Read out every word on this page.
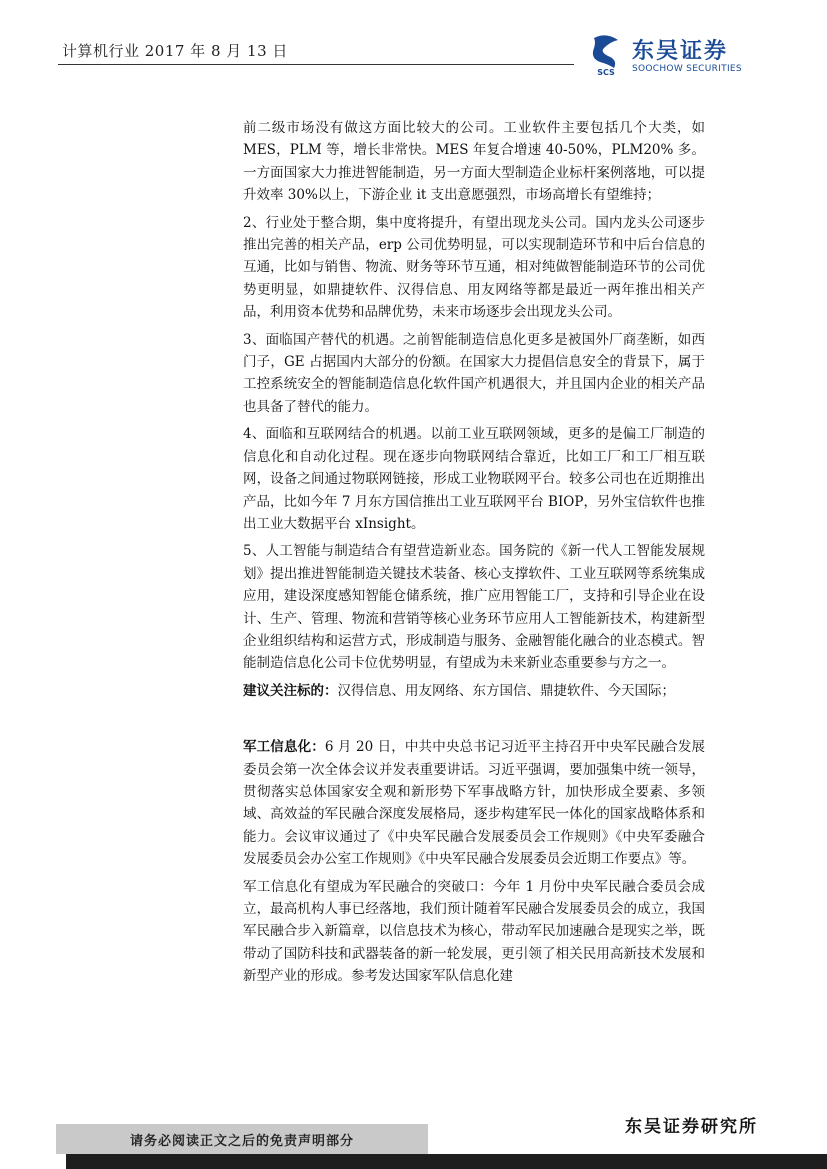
计算机行业 2017 年 8 月 13 日
SCS
东吴证券
SOOCHOW SECURITIES

前二级市场没有做这方面比较大的公司。工业软件主要包括几个大类，如 MES，PLM 等，增长非常快。MES 年复合增速 40-50%，PLM20% 多。一方面国家大力推进智能制造，另一方面大型制造企业标杆案例落地，可以提升效率 30%以上，下游企业 it 支出意愿强烈，市场高增长有望维持；

2、行业处于整合期，集中度将提升，有望出现龙头公司。国内龙头公司逐步推出完善的相关产品，erp 公司优势明显，可以实现制造环节和中后台信息的互通，比如与销售、物流、财务等环节互通，相对纯做智能制造环节的公司优势更明显，如鼎捷软件、汉得信息、用友网络等都是最近一两年推出相关产品，利用资本优势和品牌优势，未来市场逐步会出现龙头公司。

3、面临国产替代的机遇。之前智能制造信息化更多是被国外厂商垄断，如西门子，GE 占据国内大部分的份额。在国家大力提倡信息安全的背景下，属于工控系统安全的智能制造信息化软件国产机遇很大，并且国内企业的相关产品也具备了替代的能力。

4、面临和互联网结合的机遇。以前工业互联网领域，更多的是偏工厂制造的信息化和自动化过程。现在逐步向物联网结合靠近，比如工厂和工厂相互联网，设备之间通过物联网链接，形成工业物联网平台。较多公司也在近期推出产品，比如今年 7 月东方国信推出工业互联网平台 BIOP，另外宝信软件也推出工业大数据平台 xInsight。

5、人工智能与制造结合有望营造新业态。国务院的《新一代人工智能发展规划》提出推进智能制造关键技术装备、核心支撑软件、工业互联网等系统集成应用，建设深度感知智能仓储系统，推广应用智能工厂，支持和引导企业在设计、生产、管理、物流和营销等核心业务环节应用人工智能新技术，构建新型企业组织结构和运营方式，形成制造与服务、金融智能化融合的业态模式。智能制造信息化公司卡位优势明显，有望成为未来新业态重要参与方之一。

建议关注标的：汉得信息、用友网络、东方国信、鼎捷软件、今天国际；

军工信息化：6 月 20 日，中共中央总书记习近平主持召开中央军民融合发展委员会第一次全体会议并发表重要讲话。习近平强调，要加强集中统一领导，贯彻落实总体国家安全观和新形势下军事战略方针，加快形成全要素、多领域、高效益的军民融合深度发展格局，逐步构建军民一体化的国家战略体系和能力。会议审议通过了《中央军民融合发展委员会工作规则》《中央军委融合发展委员会办公室工作规则》《中央军民融合发展委员会近期工作要点》等。

军工信息化有望成为军民融合的突破口：今年 1 月份中央军民融合委员会成立，最高机构人事已经落地，我们预计随着军民融合发展委员会的成立，我国军民融合步入新篇章，以信息技术为核心，带动军民加速融合是现实之举，既带动了国防科技和武器装备的新一轮发展，更引领了相关民用高新技术发展和新型产业的形成。参考发达国家军队信息化建

请务必阅读正文之后的免责声明部分
东吴证券研究所
